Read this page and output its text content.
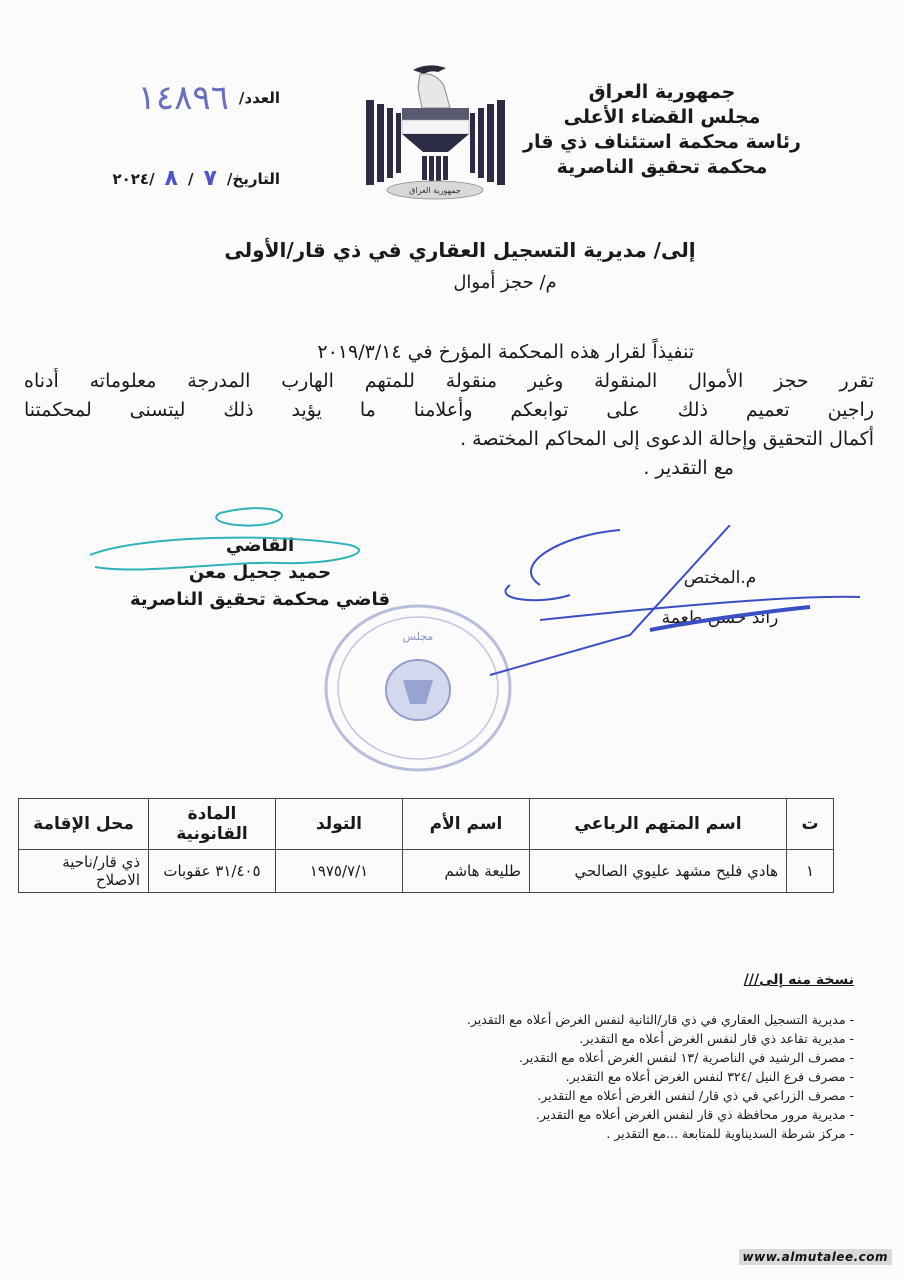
جمهورية العراق
مجلس القضاء الأعلى
رئاسة محكمة استئناف ذي قار
محكمة تحقيق الناصرية
جمهورية العراق
العدد/
١٤٨٩٦
التاريخ/
٧
/
٨
/٢٠٢٤
إلى/ مديرية التسجيل العقاري في ذي قار/الأولى
م/ حجز أموال
تنفيذاً لقرار هذه المحكمة المؤرخ في ٢٠١٩/٣/١٤
تقرر حجز الأموال المنقولة وغير منقولة للمتهم الهارب المدرجة معلوماته أدناه
راجين تعميم ذلك على توابعكم وأعلامنا ما يؤيد ذلك ليتسنى لمحكمتنا
أكمال التحقيق وإحالة الدعوى إلى المحاكم المختصة .
مع التقدير .
القاضي
حميد جحيل معن
قاضي محكمة تحقيق الناصرية
م.المختص
رائد حسن طعمة
مجلس
ت	اسم المتهم الرباعي	اسم الأم	التولد	المادة القانونية	محل الإقامة
١	هادي فليح مشهد عليوي الصالحي	طليعة هاشم	١٩٧٥/٧/١	٣١/٤٠٥ عقوبات	ذي قار/ناحية الاصلاح
نسخة منه إلى///
- مديرية التسجيل العقاري في ذي قار/الثانية لنفس الغرض أعلاه مع التقدير.
- مديرية تقاعد ذي قار لنفس الغرض أعلاه مع التقدير.
- مصرف الرشيد في الناصرية /١٣ لنفس الغرض أعلاه مع التقدير.
- مصرف فرع النيل /٣٢٤ لنفس الغرض أعلاه مع التقدير.
- مصرف الزراعي في ذي قار/ لنفس الغرض أعلاه مع التقدير.
- مديرية مرور محافظة ذي قار لنفس الغرض أعلاه مع التقدير.
- مركز شرطة السديناوية للمتابعة ...مع التقدير .
www.almutalee.com
